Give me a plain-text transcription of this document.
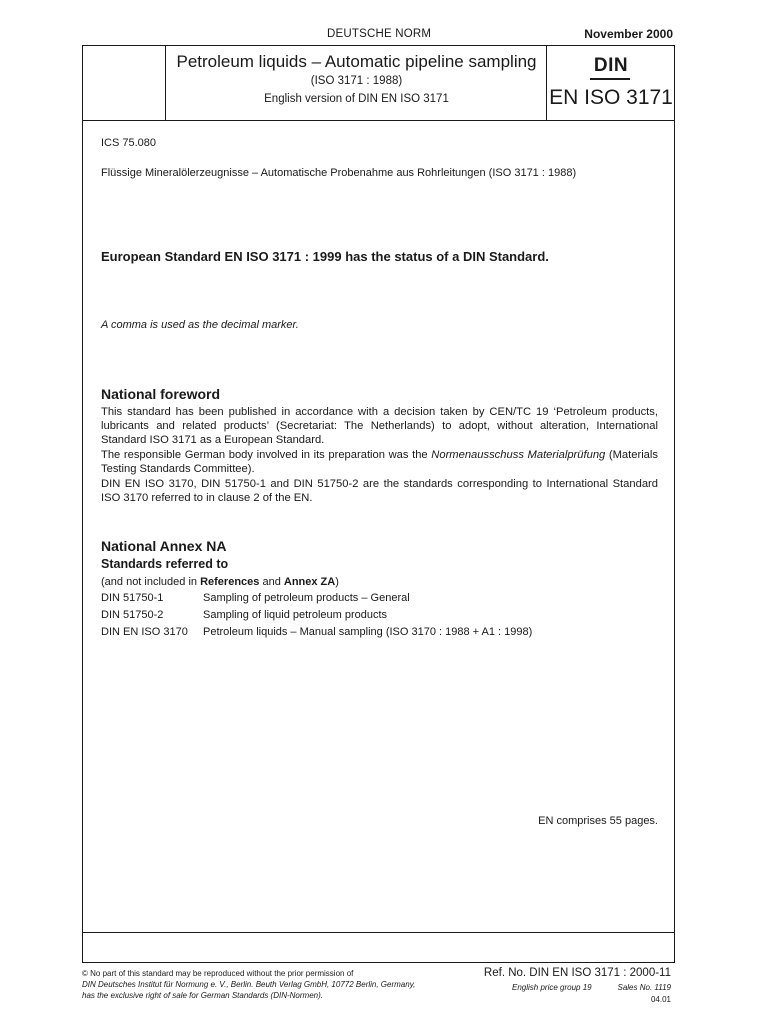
DEUTSCHE NORM	November 2000
Petroleum liquids – Automatic pipeline sampling
(ISO 3171 : 1988)
English version of DIN EN ISO 3171
DIN
EN ISO 3171
ICS 75.080
Flüssige Mineralölerzeugnisse – Automatische Probenahme aus Rohrleitungen (ISO 3171 : 1988)
European Standard EN ISO 3171 : 1999 has the status of a DIN Standard.
A comma is used as the decimal marker.
National foreword
This standard has been published in accordance with a decision taken by CEN/TC 19 ‘Petroleum products, lubricants and related products’ (Secretariat: The Netherlands) to adopt, without alteration, International Standard ISO 3171 as a European Standard.
The responsible German body involved in its preparation was the Normenausschuss Materialprüfung (Materials Testing Standards Committee).
DIN EN ISO 3170, DIN 51750-1 and DIN 51750-2 are the standards corresponding to International Standard ISO 3170 referred to in clause 2 of the EN.
National Annex NA
Standards referred to
(and not included in References and Annex ZA)
DIN 51750-1	Sampling of petroleum products – General
DIN 51750-2	Sampling of liquid petroleum products
DIN EN ISO 3170	Petroleum liquids – Manual sampling (ISO 3170 : 1988 + A1 : 1998)
EN comprises 55 pages.
© No part of this standard may be reproduced without the prior permission of
DIN Deutsches Institut für Normung e. V., Berlin. Beuth Verlag GmbH, 10772 Berlin, Germany,
has the exclusive right of sale for German Standards (DIN-Normen).
Ref. No. DIN EN ISO 3171 : 2000-11
English price group 19	Sales No. 1119
04.01
